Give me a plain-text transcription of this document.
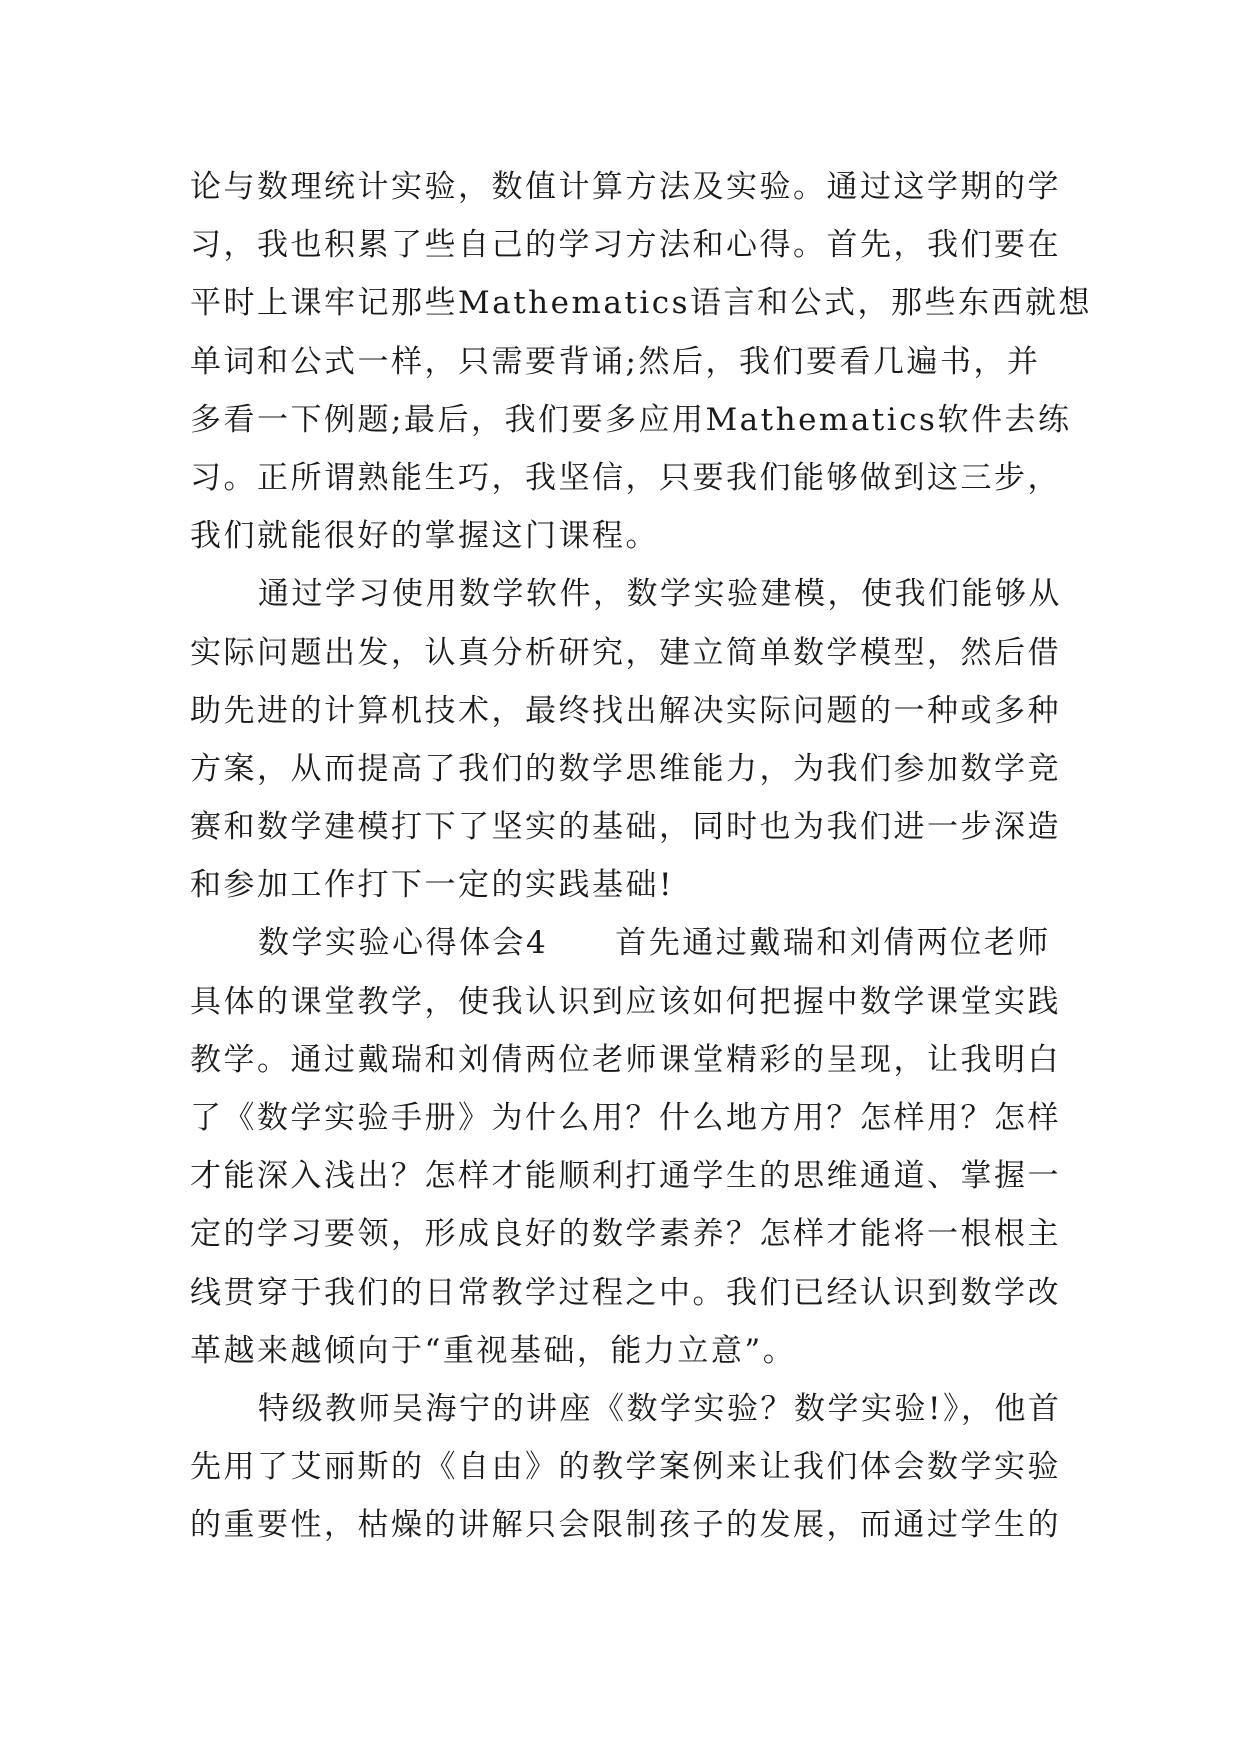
论与数理统计实验，数值计算方法及实验。通过这学期的学
习，我也积累了些自己的学习方法和心得。首先，我们要在
平时上课牢记那些Mathematics语言和公式，那些东西就想
单词和公式一样，只需要背诵;然后，我们要看几遍书，并
多看一下例题;最后，我们要多应用Mathematics软件去练
习。正所谓熟能生巧，我坚信，只要我们能够做到这三步，
我们就能很好的掌握这门课程。
通过学习使用数学软件，数学实验建模，使我们能够从
实际问题出发，认真分析研究，建立简单数学模型，然后借
助先进的计算机技术，最终找出解决实际问题的一种或多种
方案，从而提高了我们的数学思维能力，为我们参加数学竞
赛和数学建模打下了坚实的基础，同时也为我们进一步深造
和参加工作打下一定的实践基础!
数学实验心得体会4　　首先通过戴瑞和刘倩两位老师
具体的课堂教学，使我认识到应该如何把握中数学课堂实践
教学。通过戴瑞和刘倩两位老师课堂精彩的呈现，让我明白
了《数学实验手册》为什么用？什么地方用？怎样用？怎样
才能深入浅出？怎样才能顺利打通学生的思维通道、掌握一
定的学习要领，形成良好的数学素养？怎样才能将一根根主
线贯穿于我们的日常教学过程之中。我们已经认识到数学改
革越来越倾向于“重视基础，能力立意”。
特级教师吴海宁的讲座《数学实验？数学实验!》，他首
先用了艾丽斯的《自由》的教学案例来让我们体会数学实验
的重要性，枯燥的讲解只会限制孩子的发展，而通过学生的
